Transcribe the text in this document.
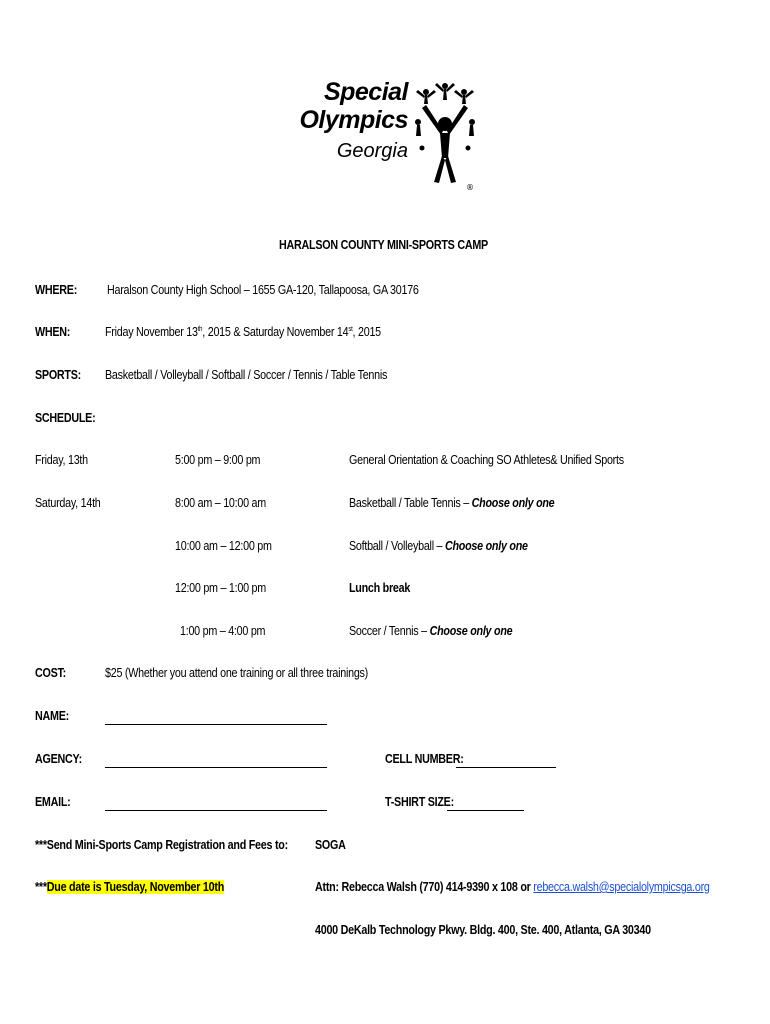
Special
Olympics
Georgia
®
HARALSON COUNTY MINI-SPORTS CAMP
WHERE: Haralson County High School – 1655 GA-120, Tallapoosa, GA 30176
WHEN:	Friday November 13th, 2015 & Saturday November 14st, 2015
SPORTS: Basketball / Volleyball / Softball / Soccer / Tennis / Table Tennis
SCHEDULE:
Friday, 13th	5:00 pm – 9:00 pm	General Orientation & Coaching SO Athletes& Unified Sports
Saturday, 14th	8:00 am – 10:00 am	Basketball / Table Tennis – Choose only one
10:00 am – 12:00 pm	Softball / Volleyball – Choose only one
12:00 pm – 1:00 pm	Lunch break
1:00 pm – 4:00 pm	Soccer / Tennis – Choose only one
COST:	$25 (Whether you attend one training or all three trainings)
NAME:
AGENCY:	CELL NUMBER:
EMAIL:	T-SHIRT SIZE:
***Send Mini-Sports Camp Registration and Fees to: SOGA
***Due date is Tuesday, November 10th	Attn: Rebecca Walsh (770) 414-9390 x 108 or rebecca.walsh@specialolympicsga.org
4000 DeKalb Technology Pkwy. Bldg. 400, Ste. 400, Atlanta, GA 30340
